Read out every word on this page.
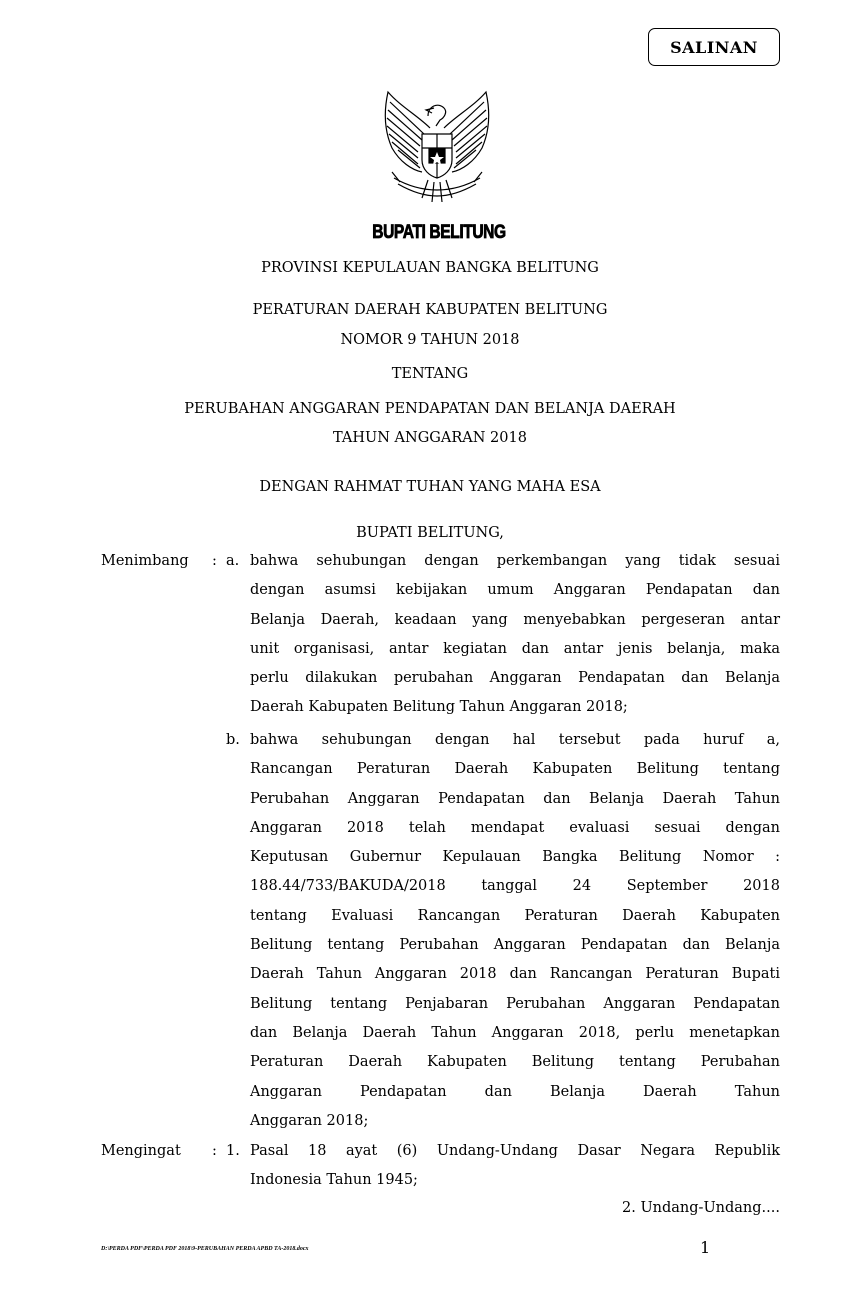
SALINAN
BUPATI BELITUNG
PROVINSI KEPULAUAN BANGKA BELITUNG
PERATURAN DAERAH KABUPATEN BELITUNG
NOMOR 9 TAHUN 2018
TENTANG
PERUBAHAN ANGGARAN PENDAPATAN DAN BELANJA DAERAH
TAHUN ANGGARAN 2018
DENGAN RAHMAT TUHAN YANG MAHA ESA
BUPATI BELITUNG,
Menimbang : a. bahwa sehubungan dengan perkembangan yang tidak sesuai
dengan asumsi kebijakan umum Anggaran Pendapatan dan
Belanja Daerah, keadaan yang menyebabkan pergeseran antar
unit organisasi, antar kegiatan dan antar jenis belanja, maka
perlu dilakukan perubahan Anggaran Pendapatan dan Belanja
Daerah Kabupaten Belitung Tahun Anggaran 2018;
b. bahwa sehubungan dengan hal tersebut pada huruf a,
Rancangan Peraturan Daerah Kabupaten Belitung tentang
Perubahan Anggaran Pendapatan dan Belanja Daerah Tahun
Anggaran 2018 telah mendapat evaluasi sesuai dengan
Keputusan Gubernur Kepulauan Bangka Belitung Nomor :
188.44/733/BAKUDA/2018 tanggal 24 September 2018
tentang Evaluasi Rancangan Peraturan Daerah Kabupaten
Belitung tentang Perubahan Anggaran Pendapatan dan Belanja
Daerah Tahun Anggaran 2018 dan Rancangan Peraturan Bupati
Belitung tentang Penjabaran Perubahan Anggaran Pendapatan
dan Belanja Daerah Tahun Anggaran 2018, perlu menetapkan
Peraturan Daerah Kabupaten Belitung tentang Perubahan
Anggaran Pendapatan dan Belanja Daerah Tahun
Anggaran 2018;
Mengingat : 1. Pasal 18 ayat (6) Undang-Undang Dasar Negara Republik
Indonesia Tahun 1945;
2. Undang-Undang....
D:\PERDA PDF\PERDA PDF 2018\9-PERUBAHAN PERDA APBD TA-2018.docx	1
